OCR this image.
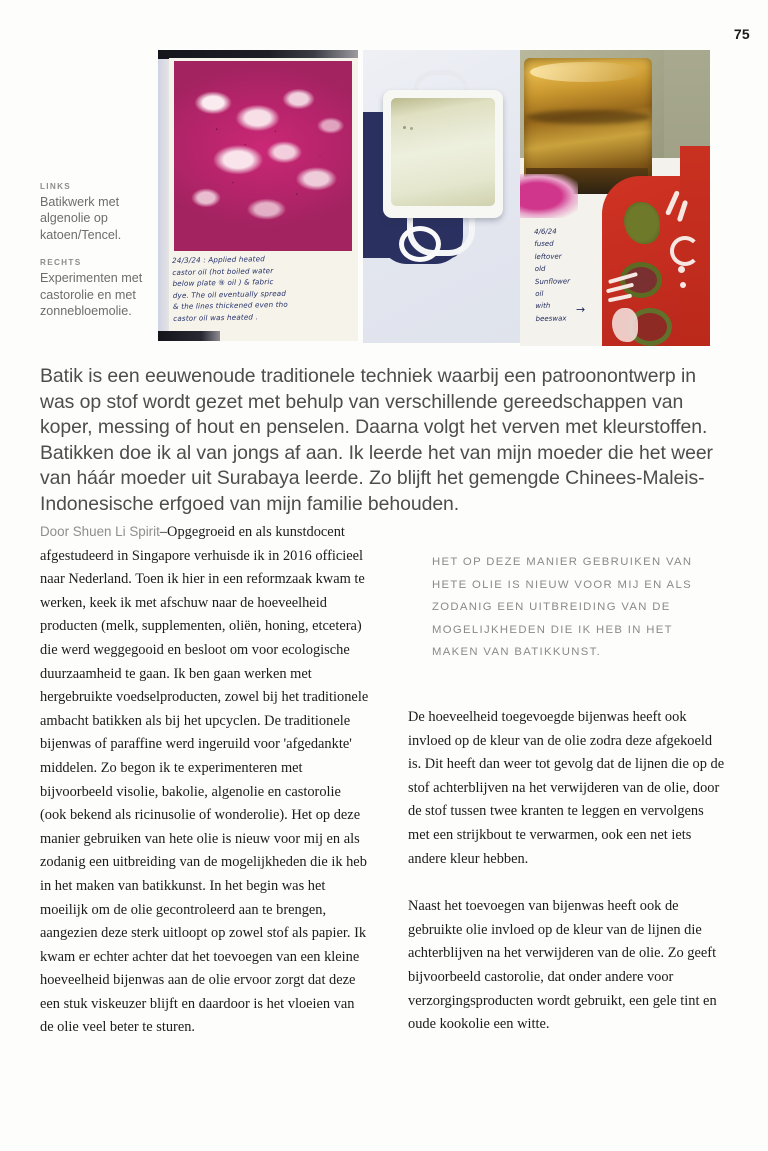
75
24/3/24 : Applied heated
castor oil (hot boiled water
below plate ⑨ oil ) & fabric
dye. The oil eventually spread
& the lines thickened even tho
castor oil was heated .
4/6/24
fused
leftover
old
Sunflower
oil
with
beeswax
→
LINKS
Batikwerk met algenolie op katoen/Tencel.
RECHTS
Experimenten met castorolie en met zonnebloemolie.
Batik is een eeuwenoude traditionele techniek waarbij een patroonontwerp in was op stof wordt gezet met behulp van verschillende gereedschappen van koper, messing of hout en penselen. Daarna volgt het verven met kleurstoffen. Batikken doe ik al van jongs af aan. Ik leerde het van mijn moeder die het weer van háár moeder uit Surabaya leerde. Zo blijft het gemengde Chinees-Maleis-Indonesische erfgoed van mijn familie behouden.

Door Shuen Li Spirit–Opgegroeid en als kunstdocent afgestudeerd in Singapore verhuisde ik in 2016 officieel naar Nederland. Toen ik hier in een reformzaak kwam te werken, keek ik met afschuw naar de hoeveelheid producten (melk, supplementen, oliën, honing, etcetera) die werd weggegooid en besloot om voor ecologische duurzaamheid te gaan. Ik ben gaan werken met hergebruikte voedselproducten, zowel bij het traditionele ambacht batikken als bij het upcyclen. De traditionele bijenwas of paraffine werd ingeruild voor 'afgedankte' middelen. Zo begon ik te experimenteren met bijvoorbeeld visolie, bakolie, algenolie en castorolie (ook bekend als ricinusolie of wonderolie). Het op deze manier gebruiken van hete olie is nieuw voor mij en als zodanig een uitbreiding van de mogelijkheden die ik heb in het maken van batikkunst. In het begin was het moeilijk om de olie gecontroleerd aan te brengen, aangezien deze sterk uitloopt op zowel stof als papier. Ik kwam er echter achter dat het toevoegen van een kleine hoeveelheid bijenwas aan de olie ervoor zorgt dat deze een stuk viskeuzer blijft en daardoor is het vloeien van de olie veel beter te sturen.

HET OP DEZE MANIER GEBRUIKEN VAN HETE OLIE IS NIEUW VOOR MIJ EN ALS ZODANIG EEN UITBREIDING VAN DE MOGELIJKHEDEN DIE IK HEB IN HET MAKEN VAN BATIKKUNST.

De hoeveelheid toegevoegde bijenwas heeft ook invloed op de kleur van de olie zodra deze afgekoeld is. Dit heeft dan weer tot gevolg dat de lijnen die op de stof achterblijven na het verwijderen van de olie, door de stof tussen twee kranten te leggen en vervolgens met een strijkbout te verwarmen, ook een net iets andere kleur hebben.

Naast het toevoegen van bijenwas heeft ook de gebruikte olie invloed op de kleur van de lijnen die achterblijven na het verwijderen van de olie. Zo geeft bijvoorbeeld castorolie, dat onder andere voor verzorgingsproducten wordt gebruikt, een gele tint en oude kookolie een witte.
